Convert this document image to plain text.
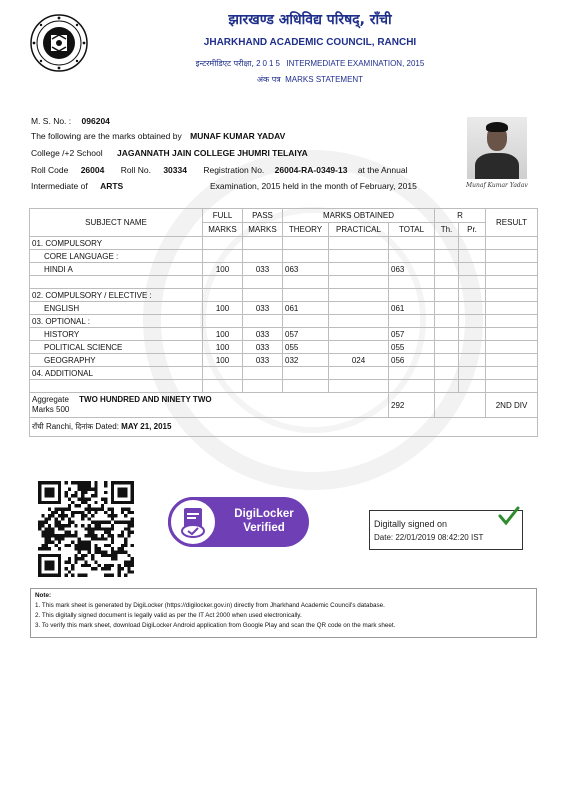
झारखण्ड अधिविद्य परिषद्, राँची
JHARKHAND ACADEMIC COUNCIL, RANCHI
इन्टरमीडिएट परीक्षा, 2015 INTERMEDIATE EXAMINATION, 2015
अंक पत्र MARKS STATEMENT
M. S. No. : 096204
The following are the marks obtained by MUNAF KUMAR YADAV
College /+2 School JAGANNATH JAIN COLLEGE JHUMRI TELAIYA
Roll Code 26004 Roll No. 30334 Registration No. 26004-RA-0349-13 at the Annual
Intermediate of ARTS	Examination, 2015 held in the month of February, 2015	Munaf Kumar Yadav
SUBJECT NAME	FULL	PASS	MARKS OBTAINED			R		RESULT
	MARKS	MARKS	THEORY	PRACTICAL	TOTAL	Th.	Pr.	
01. COMPULSORY								
CORE LANGUAGE :								
HINDI A	100	033	063		063			

02. COMPULSORY / ELECTIVE :								
ENGLISH	100	033	061		061			
03. OPTIONAL :								
HISTORY	100	033	057		057			
POLITICAL SCIENCE	100	033	055		055			
GEOGRAPHY	100	033	032	024	056			
04. ADDITIONAL								

Aggregate TWO HUNDRED AND NINETY TWO
Marks 500					292			2ND DIV
राँची Ranchi, दिनांक Dated: MAY 21, 2015								
DigiLocker
Verified	Digitally signed on
Date: 22/01/2019 08:42:20 IST
Note:
1. This mark sheet is generated by DigiLocker (https://digilocker.gov.in) directly from Jharkhand Academic Council's database.
2. This digitally signed document is legally valid as per the IT Act 2000 when used electronically.
3. To verify this mark sheet, download DigiLocker Android application from Google Play and scan the QR code on the mark sheet.
